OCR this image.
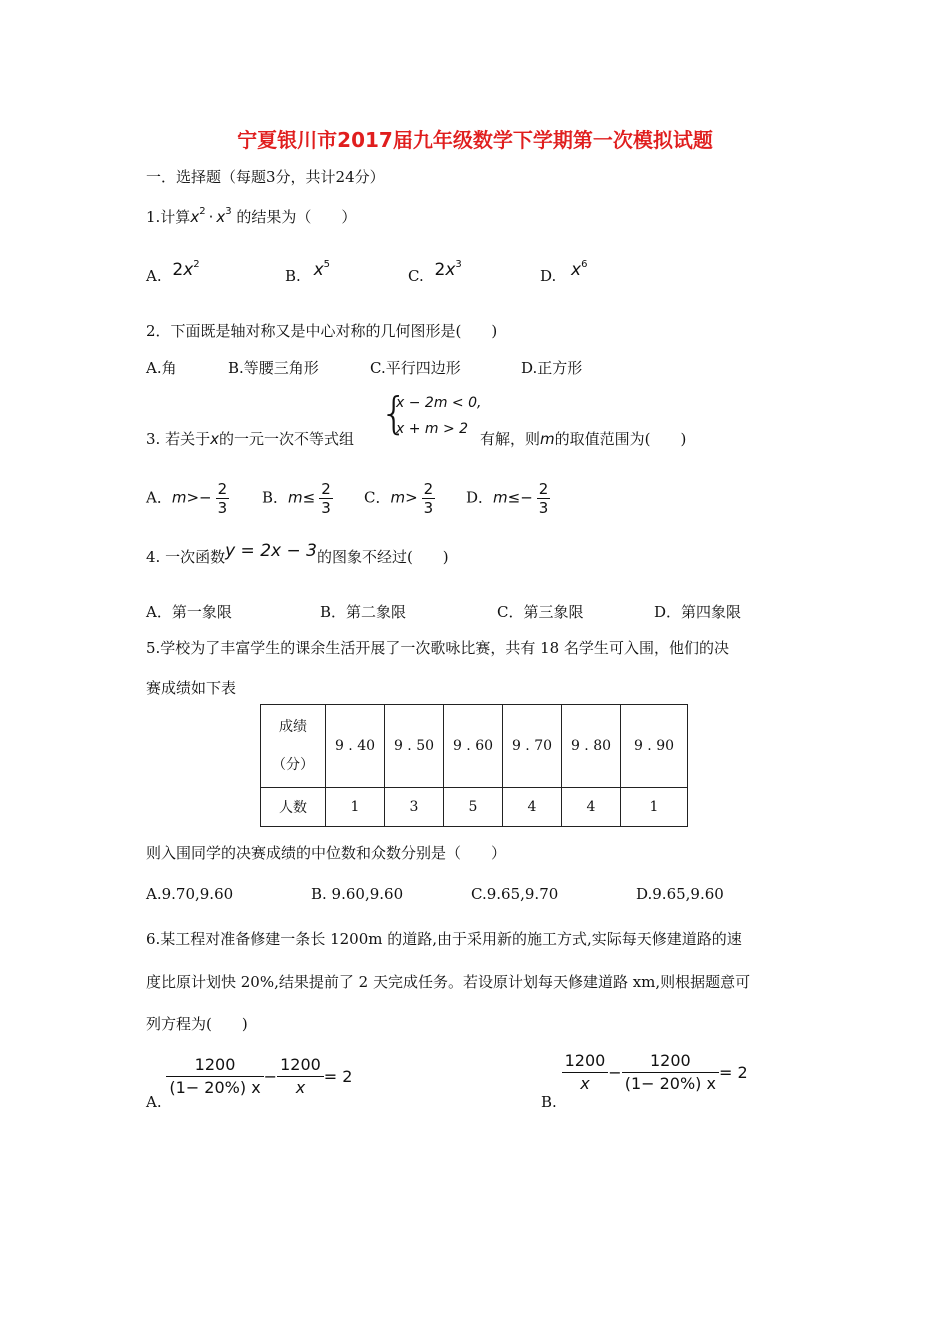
宁夏银川市2017届九年级数学下学期第一次模拟试题
一．选择题（每题3分，共计24分）
1.计算$x^2 \cdot x^3$ 的结果为（　　）
A. $2x^2$
B. $x^5$
C. $2x^3$
D. $x^6$
2．下面既是轴对称又是中心对称的几何图形是(　　)
A.角	B.等腰三角形	C.平行四边形	D.正方形
3. 若关于x的一元一次不等式组 {
x − 2m < 0,
x + m > 2
有解，则m的取值范围为(　　)
A．$m>- \frac{2}{3}$ B．$m\le \frac{2}{3}$ C．$m> \frac{2}{3}$ D．$m\le- \frac{2}{3}$
4. 一次函数y = 2x − 3的图象不经过(　　)
A．第一象限	B．第二象限	C．第三象限	D．第四象限
5.学校为了丰富学生的课余生活开展了一次歌咏比赛，共有 18 名学生可入围，他们的决
赛成绩如下表
成绩
（分）	9 . 40	9 . 50	9 . 60	9 . 70	9 . 80	9 . 90
人数	1	3	5	4	4	1
则入围同学的决赛成绩的中位数和众数分别是（　　）
A.9.70,9.60	B. 9.60,9.60	C.9.65,9.70	D.9.65,9.60
6.某工程对准备修建一条长 1200m 的道路,由于采用新的施工方式,实际每天修建道路的速
度比原计划快 20%,结果提前了 2 天完成任务。若设原计划每天修建道路 xm,则根据题意可
列方程为(　　)
A.
$\frac{1200}{(1- 20\%) x} - \frac{1200}{x} = 2$
B.
$\frac{1200}{x} - \frac{1200}{(1- 20\%) x} = 2$
